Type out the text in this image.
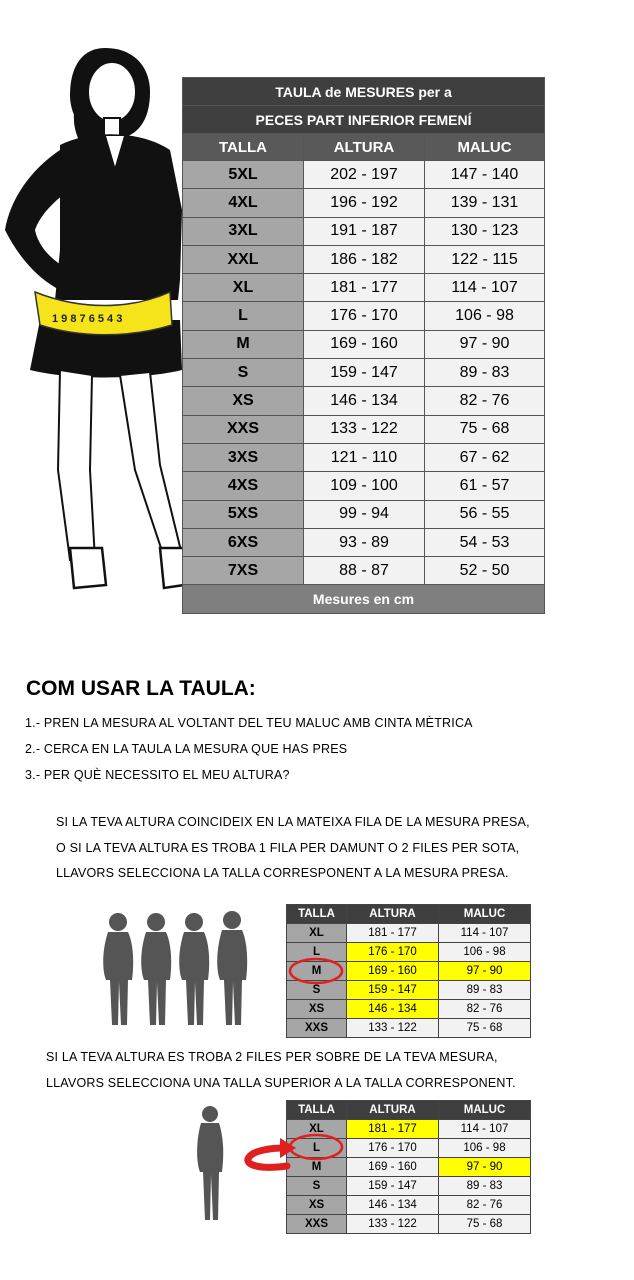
1 9 8 7 6 5 4 3
TAULA de MESURES per a		
PECES PART INFERIOR FEMENÍ		
TALLA	ALTURA	MALUC
5XL	202 - 197	147 - 140
4XL	196 - 192	139 - 131
3XL	191 - 187	130 - 123
XXL	186 - 182	122 - 115
XL	181 - 177	114 - 107
L	176 - 170	106 - 98
M	169 - 160	97 - 90
S	159 - 147	89 - 83
XS	146 - 134	82 - 76
XXS	133 - 122	75 - 68
3XS	121 - 110	67 - 62
4XS	109 - 100	61 - 57
5XS	99 - 94	56 - 55
6XS	93 - 89	54 - 53
7XS	88 - 87	52 - 50
Mesures en cm		
COM USAR LA TAULA:
1.- PREN LA MESURA AL VOLTANT DEL TEU MALUC AMB CINTA MÈTRICA
2.- CERCA EN LA TAULA LA MESURA QUE HAS PRES
3.- PER QUÈ NECESSITO EL MEU ALTURA?
SI LA TEVA ALTURA COINCIDEIX EN LA MATEIXA FILA DE LA MESURA PRESA,
O SI LA TEVA ALTURA ES TROBA 1 FILA PER DAMUNT O 2 FILES PER SOTA,
LLAVORS SELECCIONA LA TALLA CORRESPONENT A LA MESURA PRESA.
TALLA	ALTURA	MALUC
XL	181 - 177	114 - 107
L	176 - 170	106 - 98
M	169 - 160	97 - 90
S	159 - 147	89 - 83
XS	146 - 134	82 - 76
XXS	133 - 122	75 - 68
SI LA TEVA ALTURA ES TROBA 2 FILES PER SOBRE DE LA TEVA MESURA,
LLAVORS SELECCIONA UNA TALLA SUPERIOR A LA TALLA CORRESPONENT.
TALLA	ALTURA	MALUC
XL	181 - 177	114 - 107
L	176 - 170	106 - 98
M	169 - 160	97 - 90
S	159 - 147	89 - 83
XS	146 - 134	82 - 76
XXS	133 - 122	75 - 68
